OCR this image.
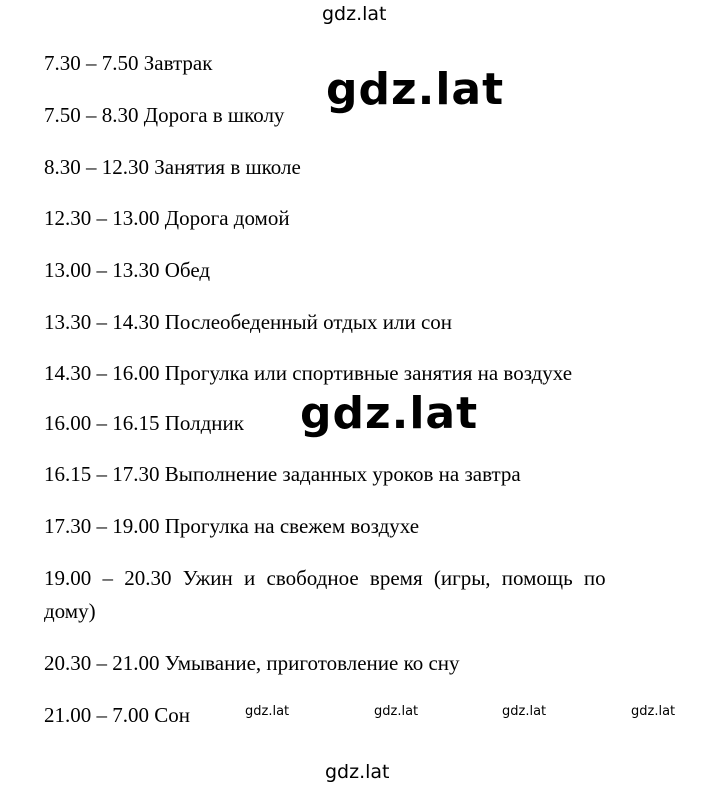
gdz.lat
7.30 – 7.50 Завтрак
7.50 – 8.30 Дорога в школу
8.30 – 12.30 Занятия в школе
12.30 – 13.00 Дорога домой
13.00 – 13.30 Обед
13.30 – 14.30 Послеобеденный отдых или сон
14.30 – 16.00 Прогулка или спортивные занятия на воздухе
16.00 – 16.15 Полдник
16.15 – 17.30 Выполнение заданных уроков на завтра
17.30 – 19.00 Прогулка на свежем воздухе
19.00 – 20.30 Ужин и свободное время (игры, помощь по
дому)
20.30 – 21.00 Умывание, приготовление ко сну
21.00 – 7.00 Сон
gdz.lat
gdz.lat
gdz.lat	gdz.lat	gdz.lat	gdz.lat
gdz.lat
